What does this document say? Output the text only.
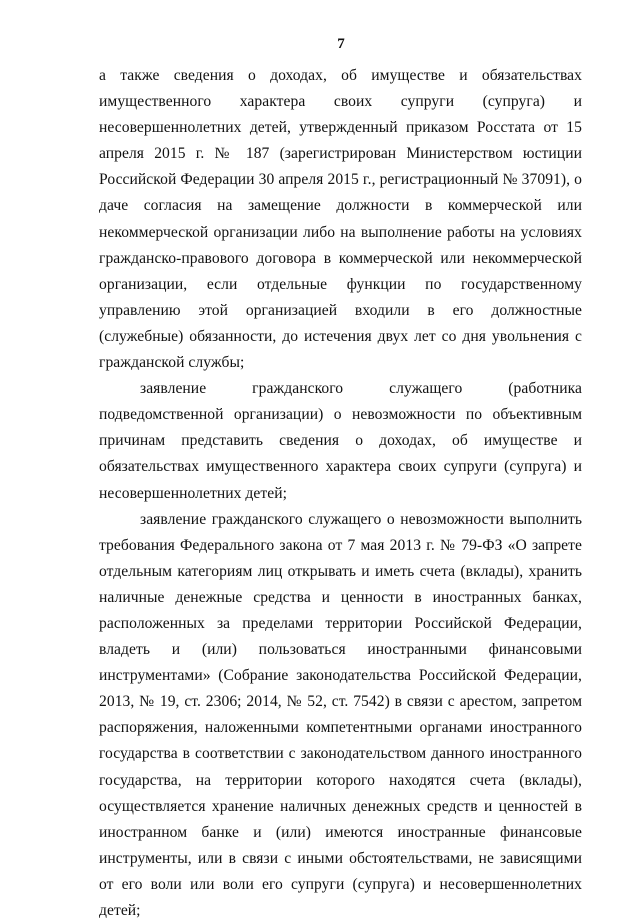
7

а также сведения о доходах, об имуществе и обязательствах имущественного характера своих супруги (супруга) и несовершеннолетних детей, утвержденный приказом Росстата от 15 апреля 2015 г. № 187 (зарегистрирован Министерством юстиции Российской Федерации 30 апреля 2015 г., регистрационный № 37091), о даче согласия на замещение должности в коммерческой или некоммерческой организации либо на выполнение работы на условиях гражданско-правового договора в коммерческой или некоммерческой организации, если отдельные функции по государственному управлению этой организацией входили в его должностные (служебные) обязанности, до истечения двух лет со дня увольнения с гражданской службы;

заявление гражданского служащего (работника подведомственной организации) о невозможности по объективным причинам представить сведения о доходах, об имуществе и обязательствах имущественного характера своих супруги (супруга) и несовершеннолетних детей;

заявление гражданского служащего о невозможности выполнить требования Федерального закона от 7 мая 2013 г. № 79-ФЗ «О запрете отдельным категориям лиц открывать и иметь счета (вклады), хранить наличные денежные средства и ценности в иностранных банках, расположенных за пределами территории Российской Федерации, владеть и (или) пользоваться иностранными финансовыми инструментами» (Собрание законодательства Российской Федерации, 2013, № 19, ст. 2306; 2014, № 52, ст. 7542) в связи с арестом, запретом распоряжения, наложенными компетентными органами иностранного государства в соответствии с законодательством данного иностранного государства, на территории которого находятся счета (вклады), осуществляется хранение наличных денежных средств и ценностей в иностранном банке и (или) имеются иностранные финансовые инструменты, или в связи с иными обстоятельствами, не зависящими от его воли или воли его супруги (супруга) и несовершеннолетних детей;
